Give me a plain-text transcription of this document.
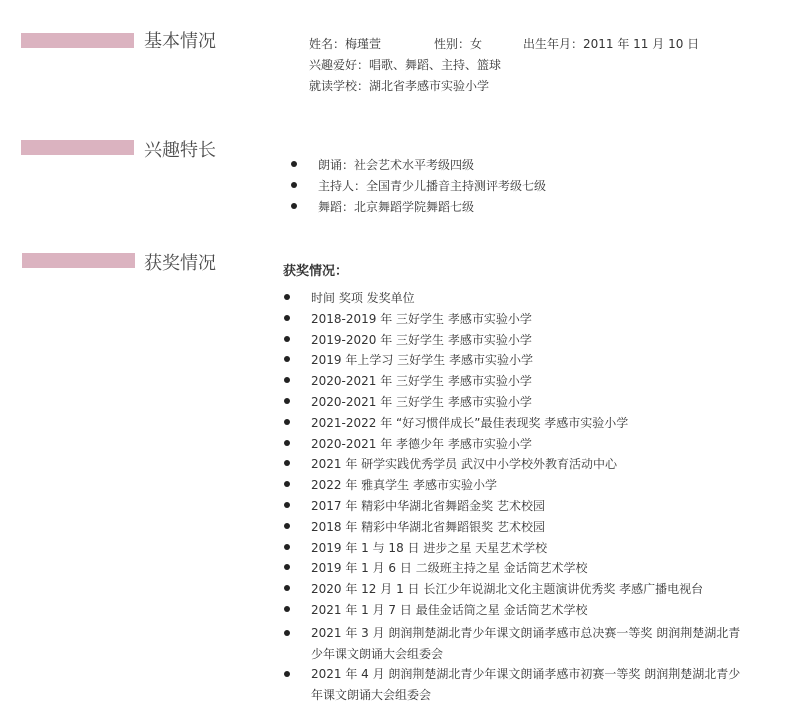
基本情况	姓名：梅瑾萱	性别：女	出生年月：2011 年 11 月 10 日
兴趣爱好：唱歌、舞蹈、主持、篮球
就读学校：湖北省孝感市实验小学
兴趣特长
朗诵：社会艺术水平考级四级
主持人：全国青少儿播音主持测评考级七级
舞蹈：北京舞蹈学院舞蹈七级
获奖情况	获奖情况：
时间 奖项 发奖单位
2018-2019 年 三好学生 孝感市实验小学
2019-2020 年 三好学生 孝感市实验小学
2019 年上学习 三好学生 孝感市实验小学
2020-2021 年 三好学生 孝感市实验小学
2020-2021 年 三好学生 孝感市实验小学
2021-2022 年 “好习惯伴成长”最佳表现奖 孝感市实验小学
2020-2021 年 孝德少年 孝感市实验小学
2021 年 研学实践优秀学员 武汉中小学校外教育活动中心
2022 年 雅真学生 孝感市实验小学
2017 年 精彩中华湖北省舞蹈金奖 艺术校园
2018 年 精彩中华湖北省舞蹈银奖 艺术校园
2019 年 1 与 18 日 进步之星 天星艺术学校
2019 年 1 月 6 日 二级班主持之星 金话筒艺术学校
2020 年 12 月 1 日 长江少年说湖北文化主题演讲优秀奖 孝感广播电视台
2021 年 1 月 7 日 最佳金话筒之星 金话筒艺术学校
2021 年 3 月 朗润荆楚湖北青少年课文朗诵孝感市总决赛一等奖 朗润荆楚湖北青少年课文朗诵大会组委会
2021 年 4 月 朗润荆楚湖北青少年课文朗诵孝感市初赛一等奖 朗润荆楚湖北青少年课文朗诵大会组委会
